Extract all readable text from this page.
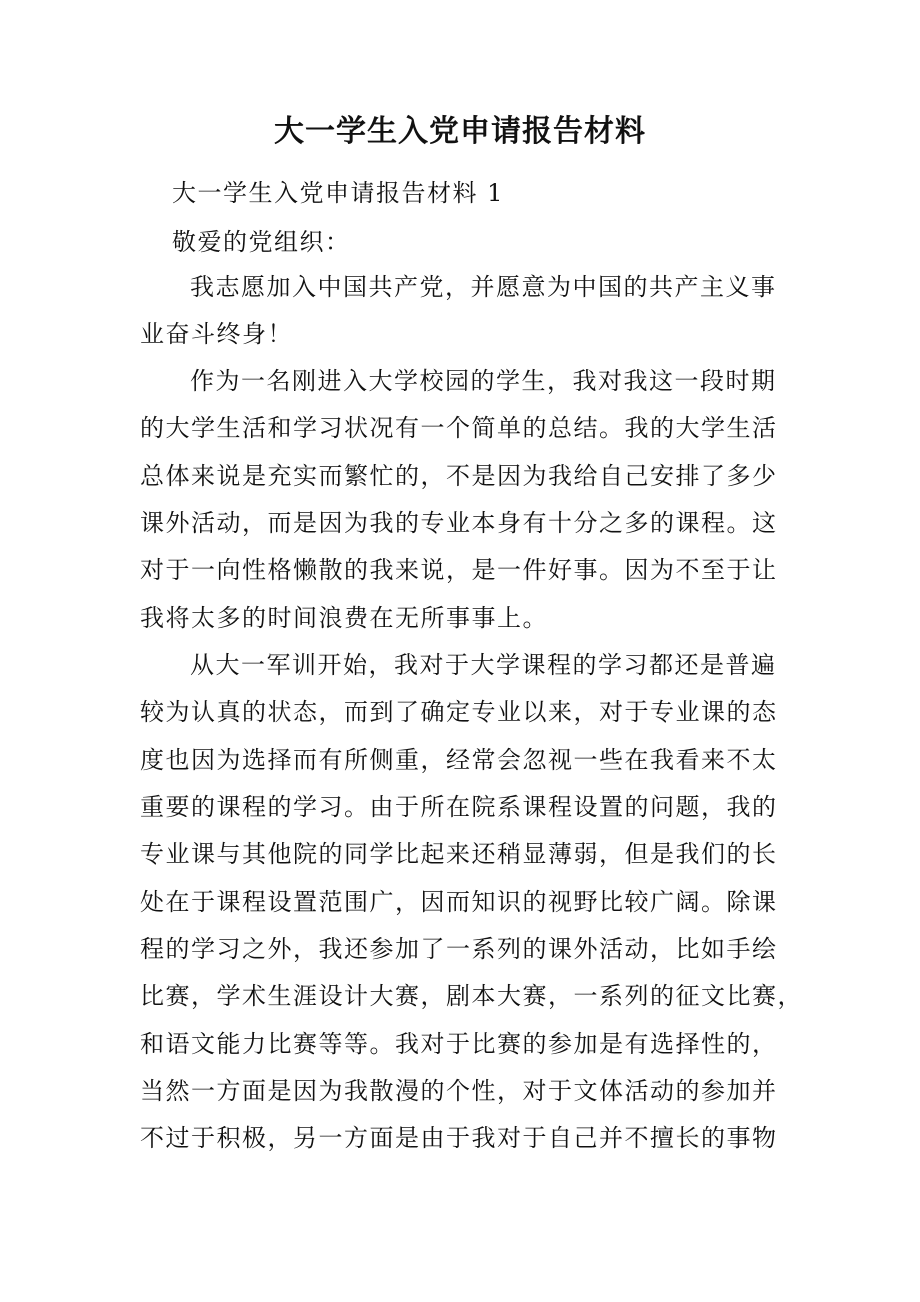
大一学生入党申请报告材料
大一学生入党申请报告材料 1
敬爱的党组织：
我志愿加入中国共产党，并愿意为中国的共产主义事
业奋斗终身！
作为一名刚进入大学校园的学生，我对我这一段时期
的大学生活和学习状况有一个简单的总结。我的大学生活
总体来说是充实而繁忙的，不是因为我给自己安排了多少
课外活动，而是因为我的专业本身有十分之多的课程。这
对于一向性格懒散的我来说，是一件好事。因为不至于让
我将太多的时间浪费在无所事事上。
从大一军训开始，我对于大学课程的学习都还是普遍
较为认真的状态，而到了确定专业以来，对于专业课的态
度也因为选择而有所侧重，经常会忽视一些在我看来不太
重要的课程的学习。由于所在院系课程设置的问题，我的
专业课与其他院的同学比起来还稍显薄弱，但是我们的长
处在于课程设置范围广，因而知识的视野比较广阔。除课
程的学习之外，我还参加了一系列的课外活动，比如手绘
比赛，学术生涯设计大赛，剧本大赛，一系列的征文比赛，
和语文能力比赛等等。我对于比赛的参加是有选择性的，
当然一方面是因为我散漫的个性，对于文体活动的参加并
不过于积极，另一方面是由于我对于自己并不擅长的事物
